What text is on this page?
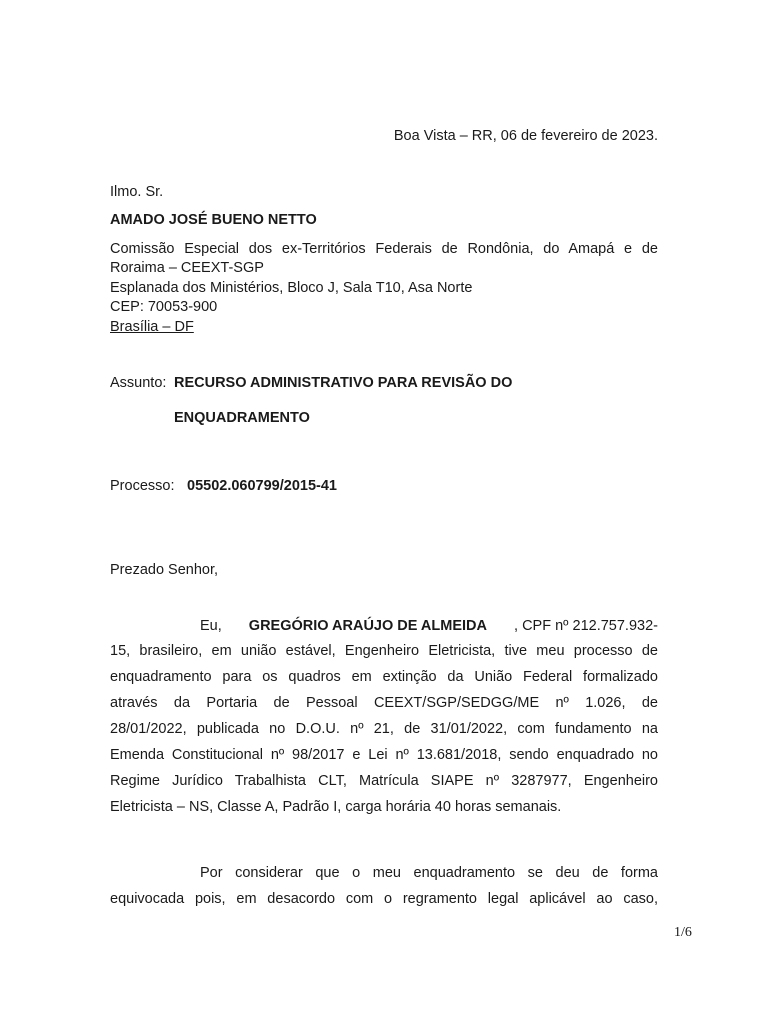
Boa Vista – RR, 06 de fevereiro de 2023.
Ilmo. Sr.
AMADO JOSÉ BUENO NETTO
Comissão Especial dos ex-Territórios Federais de Rondônia, do Amapá e de
Roraima – CEEXT-SGP
Esplanada dos Ministérios, Bloco J, Sala T10, Asa Norte
CEP: 70053-900
Brasília – DF
Assunto: RECURSO ADMINISTRATIVO PARA REVISÃO DO
ENQUADRAMENTO
Processo: 05502.060799/2015-41
Prezado Senhor,
Eu, GREGÓRIO ARAÚJO DE ALMEIDA , CPF nº 212.757.932-
15, brasileiro, em união estável, Engenheiro Eletricista, tive meu processo de
enquadramento para os quadros em extinção da União Federal formalizado
através da Portaria de Pessoal CEEXT/SGP/SEDGG/ME nº 1.026, de
28/01/2022, publicada no D.O.U. nº 21, de 31/01/2022, com fundamento na
Emenda Constitucional nº 98/2017 e Lei nº 13.681/2018, sendo enquadrado no
Regime Jurídico Trabalhista CLT, Matrícula SIAPE nº 3287977, Engenheiro
Eletricista – NS, Classe A, Padrão I, carga horária 40 horas semanais.
Por considerar que o meu enquadramento se deu de forma
equivocada pois, em desacordo com o regramento legal aplicável ao caso,
1/6
